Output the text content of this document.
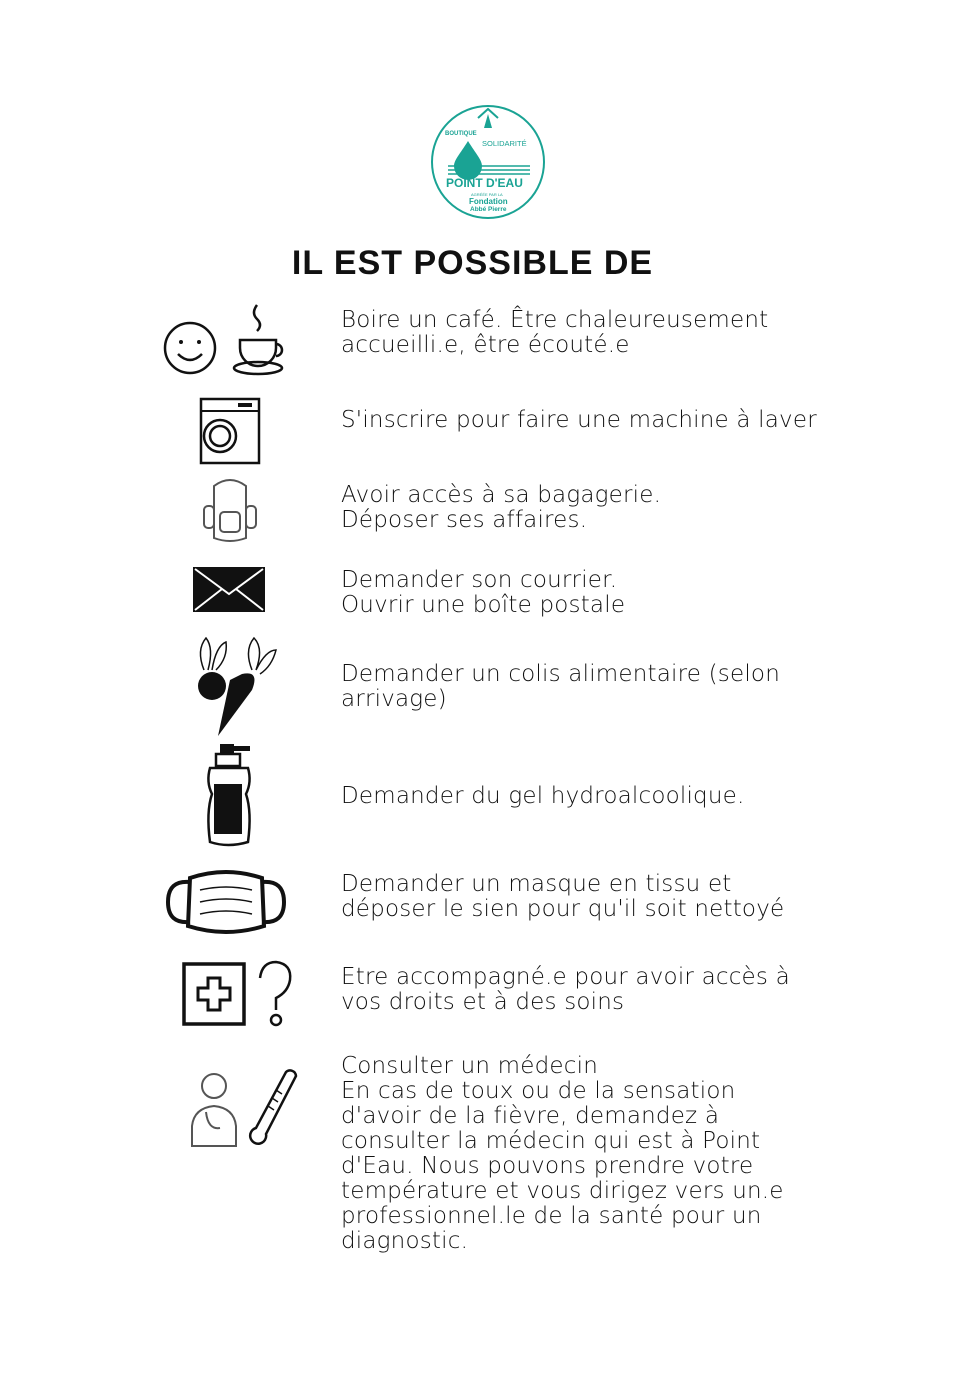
BOUTIQUE
SOLIDARITÉ
POINT D'EAU
AGRÉÉE PAR LA
Fondation
Abbé Pierre
IL EST POSSIBLE DE
Boire un café. Être chaleureusement
accueilli.e, être écouté.e
S'inscrire pour faire une machine à laver
Avoir accès à sa bagagerie.
Déposer ses affaires.
Demander son courrier.
Ouvrir une boîte postale
Demander un colis alimentaire (selon
arrivage)
Demander du gel hydroalcoolique.
Demander un masque en tissu et
déposer le sien pour qu'il soit nettoyé
Etre accompagné.e pour avoir accès à
vos droits et à des soins
Consulter un médecin
En cas de toux ou de la sensation
d'avoir de la fièvre, demandez à
consulter la médecin qui est à Point
d'Eau. Nous pouvons prendre votre
température et vous dirigez vers un.e
professionnel.le de la santé pour un
diagnostic.
